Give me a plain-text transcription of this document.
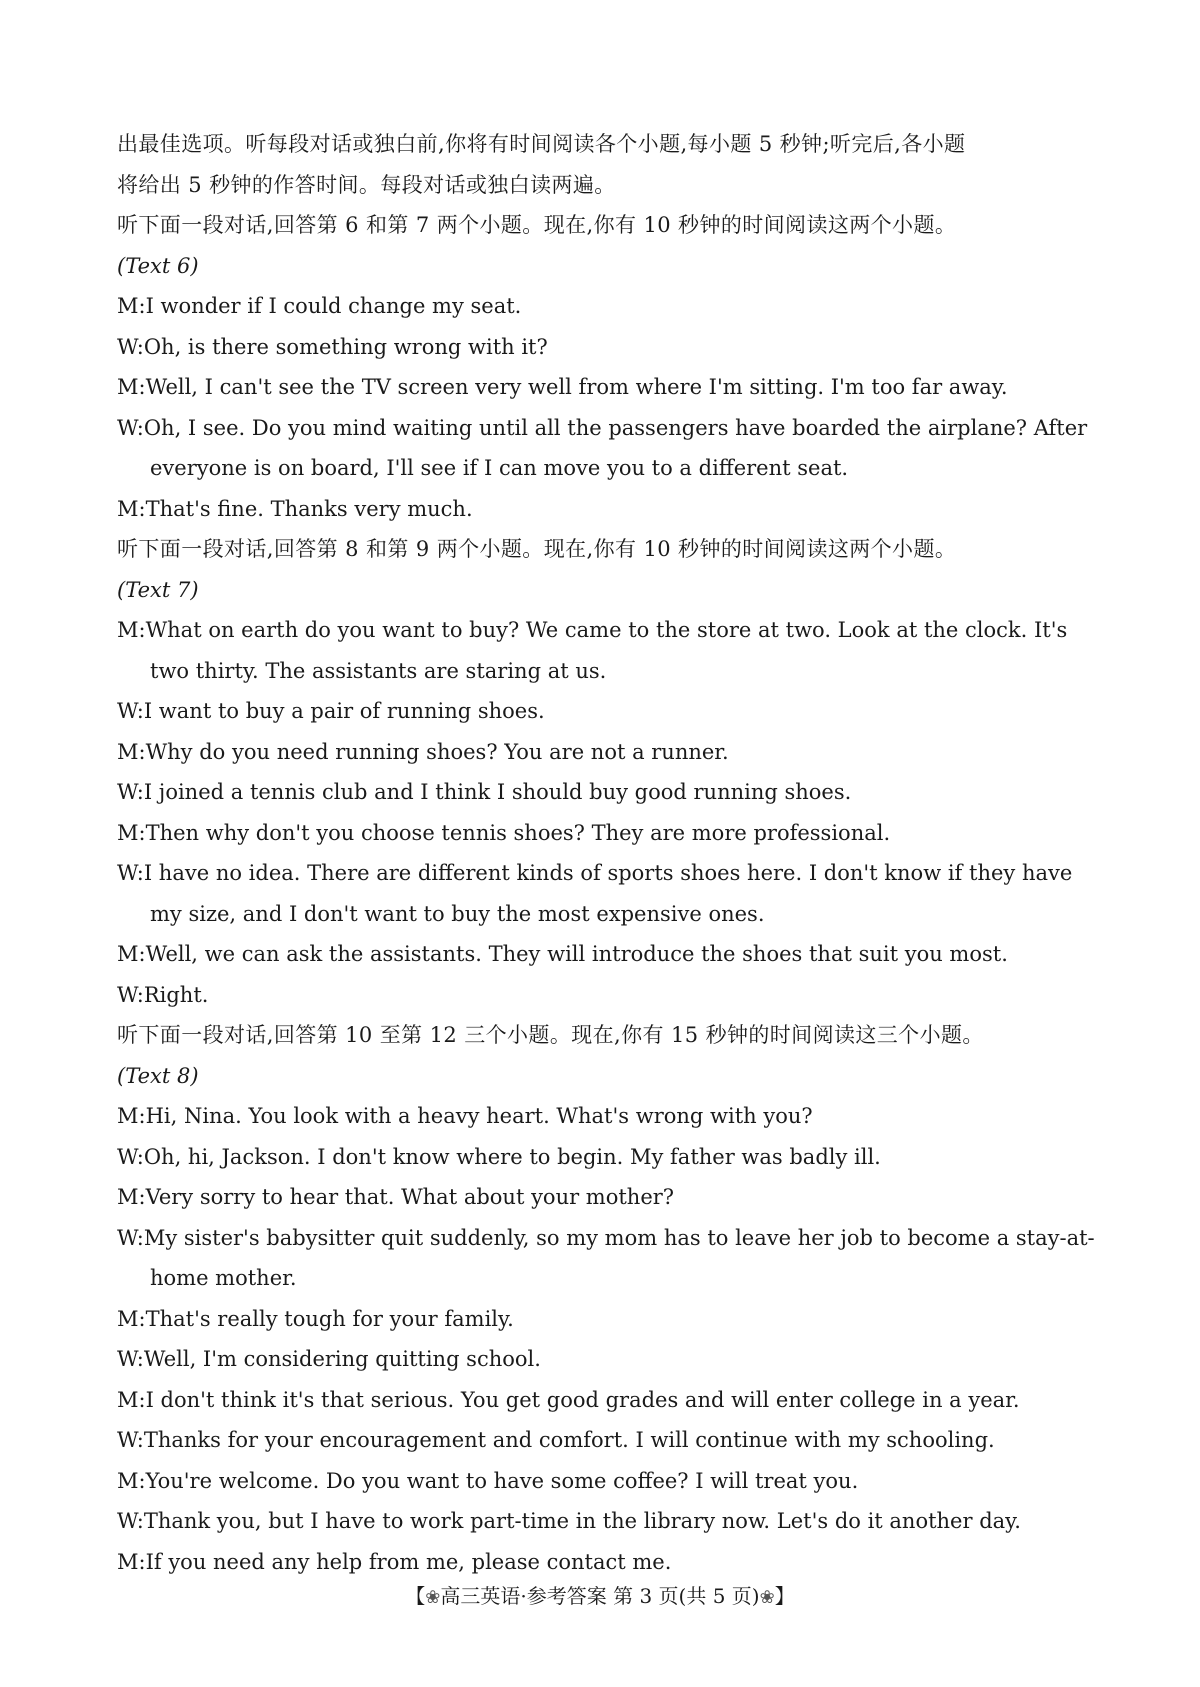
出最佳选项。听每段对话或独白前,你将有时间阅读各个小题,每小题 5 秒钟;听完后,各小题
将给出 5 秒钟的作答时间。每段对话或独白读两遍。
听下面一段对话,回答第 6 和第 7 两个小题。现在,你有 10 秒钟的时间阅读这两个小题。
(Text 6)
M:I wonder if I could change my seat.
W:Oh, is there something wrong with it?
M:Well, I can't see the TV screen very well from where I'm sitting. I'm too far away.
W:Oh, I see. Do you mind waiting until all the passengers have boarded the airplane? After
everyone is on board, I'll see if I can move you to a different seat.
M:That's fine. Thanks very much.
听下面一段对话,回答第 8 和第 9 两个小题。现在,你有 10 秒钟的时间阅读这两个小题。
(Text 7)
M:What on earth do you want to buy? We came to the store at two. Look at the clock. It's
two thirty. The assistants are staring at us.
W:I want to buy a pair of running shoes.
M:Why do you need running shoes? You are not a runner.
W:I joined a tennis club and I think I should buy good running shoes.
M:Then why don't you choose tennis shoes? They are more professional.
W:I have no idea. There are different kinds of sports shoes here. I don't know if they have
my size, and I don't want to buy the most expensive ones.
M:Well, we can ask the assistants. They will introduce the shoes that suit you most.
W:Right.
听下面一段对话,回答第 10 至第 12 三个小题。现在,你有 15 秒钟的时间阅读这三个小题。
(Text 8)
M:Hi, Nina. You look with a heavy heart. What's wrong with you?
W:Oh, hi, Jackson. I don't know where to begin. My father was badly ill.
M:Very sorry to hear that. What about your mother?
W:My sister's babysitter quit suddenly, so my mom has to leave her job to become a stay-at-
home mother.
M:That's really tough for your family.
W:Well, I'm considering quitting school.
M:I don't think it's that serious. You get good grades and will enter college in a year.
W:Thanks for your encouragement and comfort. I will continue with my schooling.
M:You're welcome. Do you want to have some coffee? I will treat you.
W:Thank you, but I have to work part-time in the library now. Let's do it another day.
M:If you need any help from me, please contact me.
【❀高三英语·参考答案 第 3 页(共 5 页)❀】
